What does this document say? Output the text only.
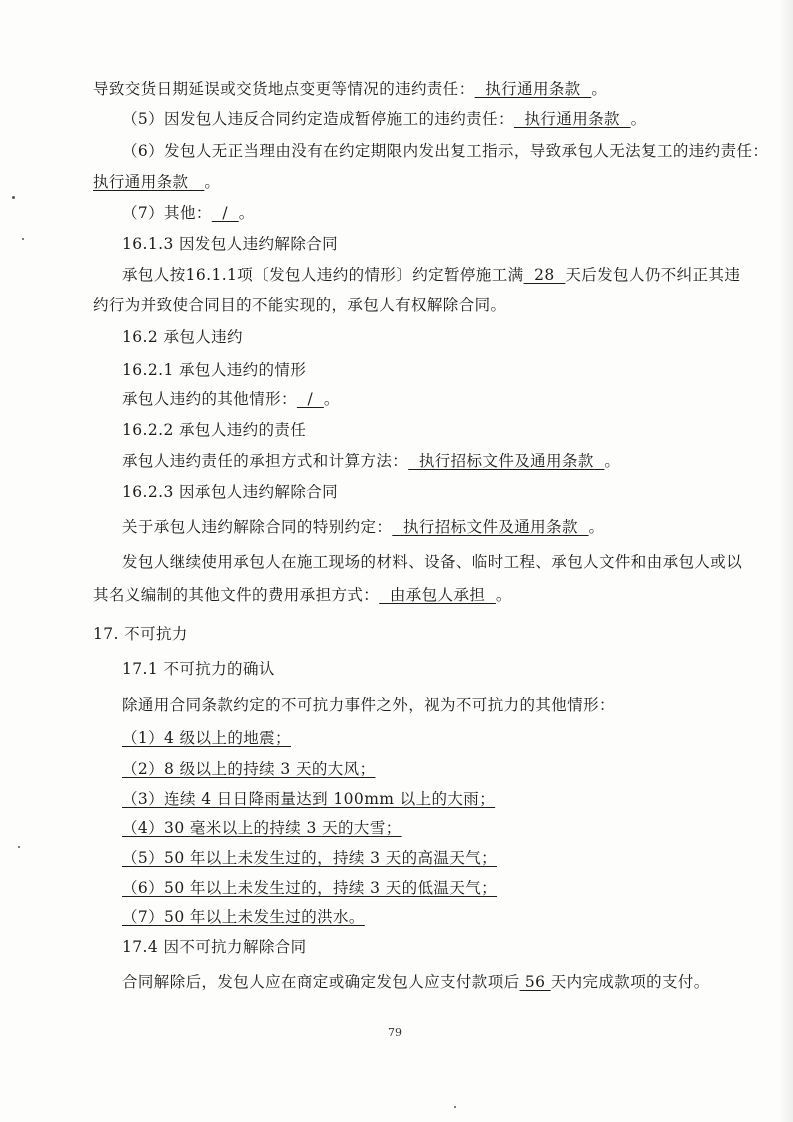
导致交货日期延误或交货地点变更等情况的违约责任：  执行通用条款  。
（5）因发包人违反合同约定造成暂停施工的违约责任：  执行通用条款  。
（6）发包人无正当理由没有在约定期限内发出复工指示，导致承包人无法复工的违约责任：
执行通用条款   。
（7）其他：  /  。
16.1.3 因发包人违约解除合同
承包人按16.1.1项〔发包人违约的情形〕约定暂停施工满  28  天后发包人仍不纠正其违
约行为并致使合同目的不能实现的，承包人有权解除合同。
16.2 承包人违约
16.2.1 承包人违约的情形
承包人违约的其他情形：  /  。
16.2.2 承包人违约的责任
承包人违约责任的承担方式和计算方法：  执行招标文件及通用条款  。
16.2.3 因承包人违约解除合同
关于承包人违约解除合同的特别约定：  执行招标文件及通用条款  。
发包人继续使用承包人在施工现场的材料、设备、临时工程、承包人文件和由承包人或以
其名义编制的其他文件的费用承担方式：  由承包人承担  。
17. 不可抗力
17.1 不可抗力的确认
除通用合同条款约定的不可抗力事件之外，视为不可抗力的其他情形：
（1）4 级以上的地震；
（2）8 级以上的持续 3 天的大风；
（3）连续 4 日日降雨量达到 100mm 以上的大雨；
（4）30 毫米以上的持续 3 天的大雪；
（5）50 年以上未发生过的，持续 3 天的高温天气；
（6）50 年以上未发生过的，持续 3 天的低温天气；
（7）50 年以上未发生过的洪水。
17.4 因不可抗力解除合同
合同解除后，发包人应在商定或确定发包人应支付款项后 56 天内完成款项的支付。
79
